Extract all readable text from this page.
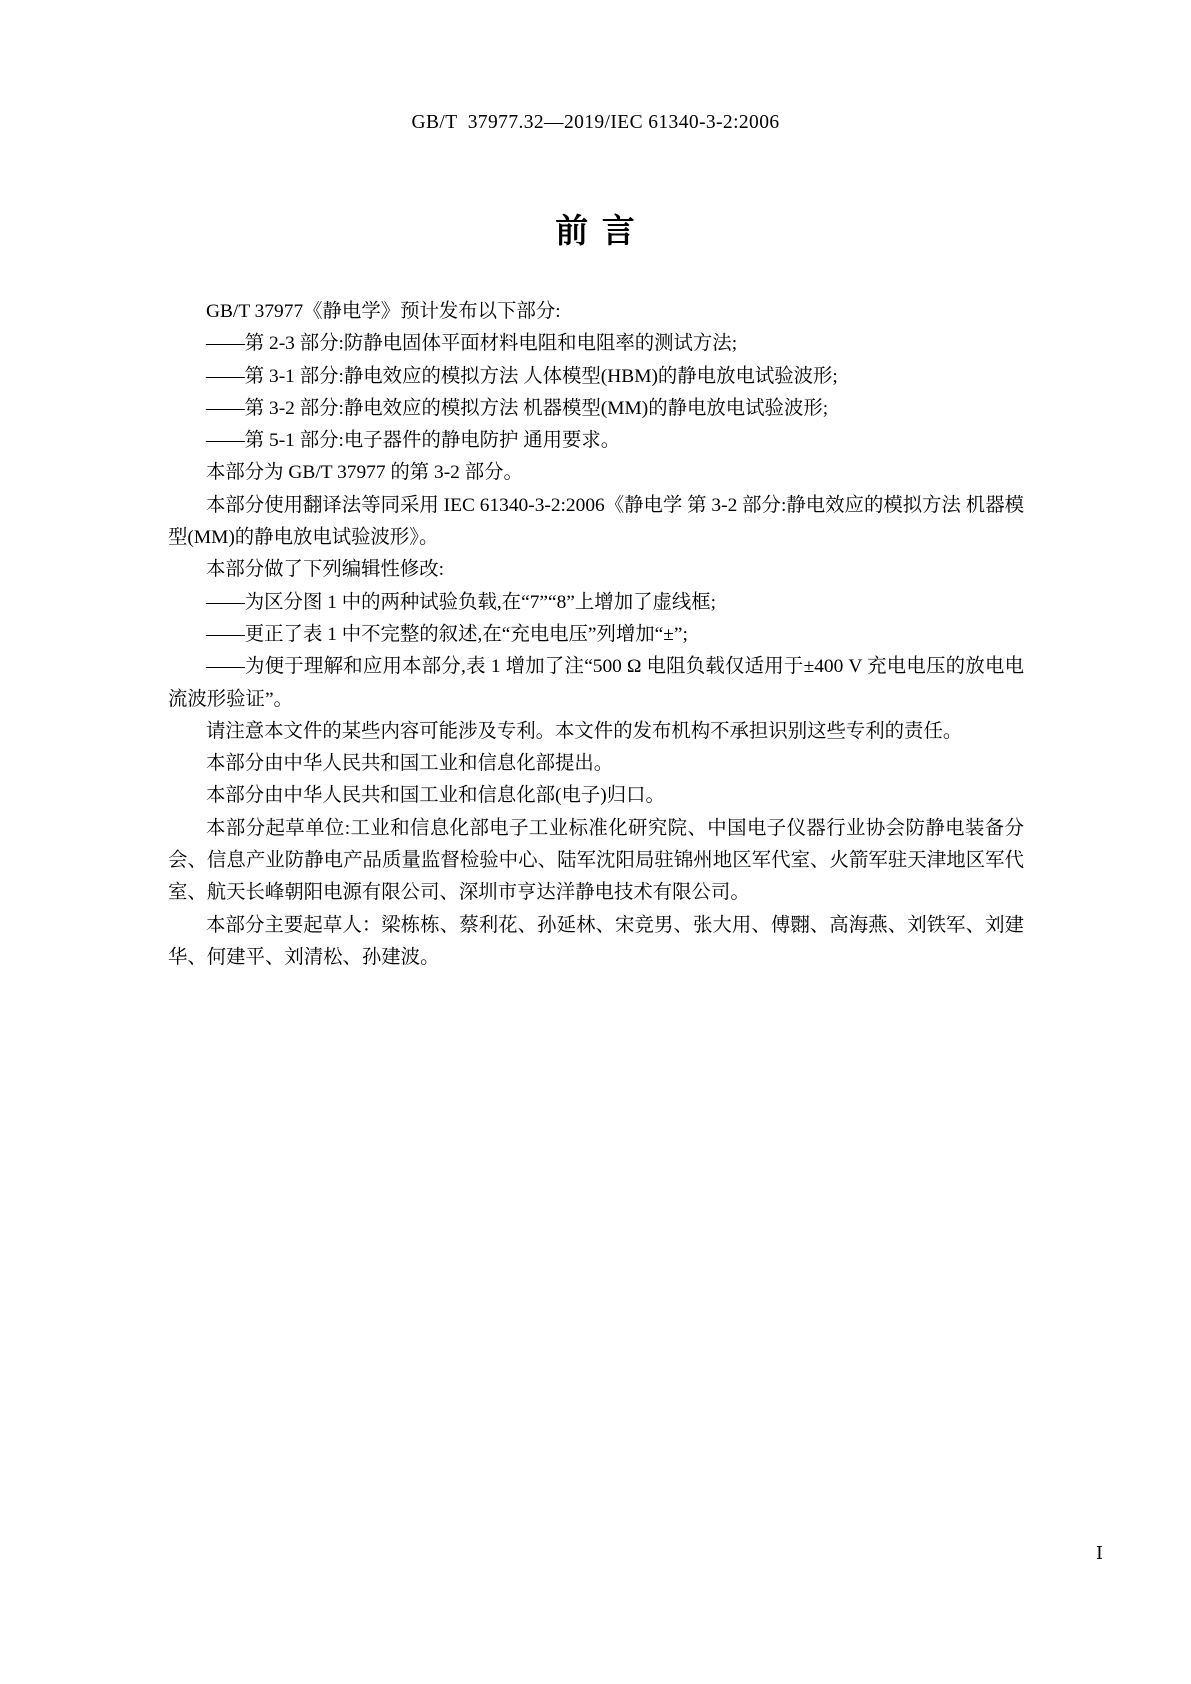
GB/T  37977.32—2019/IEC 61340-3-2:2006
前 言

GB/T 37977《静电学》预计发布以下部分:

——第 2-3 部分:防静电固体平面材料电阻和电阻率的测试方法;

——第 3-1 部分:静电效应的模拟方法 人体模型(HBM)的静电放电试验波形;

——第 3-2 部分:静电效应的模拟方法 机器模型(MM)的静电放电试验波形;

——第 5-1 部分:电子器件的静电防护 通用要求。

本部分为 GB/T 37977 的第 3-2 部分。

本部分使用翻译法等同采用 IEC 61340-3-2:2006《静电学 第 3-2 部分:静电效应的模拟方法 机器模型(MM)的静电放电试验波形》。

本部分做了下列编辑性修改:

——为区分图 1 中的两种试验负载,在“7”“8”上增加了虚线框;

——更正了表 1 中不完整的叙述,在“充电电压”列增加“±”;

——为便于理解和应用本部分,表 1 增加了注“500 Ω 电阻负载仅适用于±400 V 充电电压的放电电流波形验证”。

请注意本文件的某些内容可能涉及专利。本文件的发布机构不承担识别这些专利的责任。

本部分由中华人民共和国工业和信息化部提出。

本部分由中华人民共和国工业和信息化部(电子)归口。

本部分起草单位:工业和信息化部电子工业标准化研究院、中国电子仪器行业协会防静电装备分会、信息产业防静电产品质量监督检验中心、陆军沈阳局驻锦州地区军代室、火箭军驻天津地区军代室、航天长峰朝阳电源有限公司、深圳市亨达洋静电技术有限公司。

本部分主要起草人：梁栋栋、蔡利花、孙延林、宋竞男、张大用、傅翾、高海燕、刘铁军、刘建华、何建平、刘清松、孙建波。

Ⅰ
